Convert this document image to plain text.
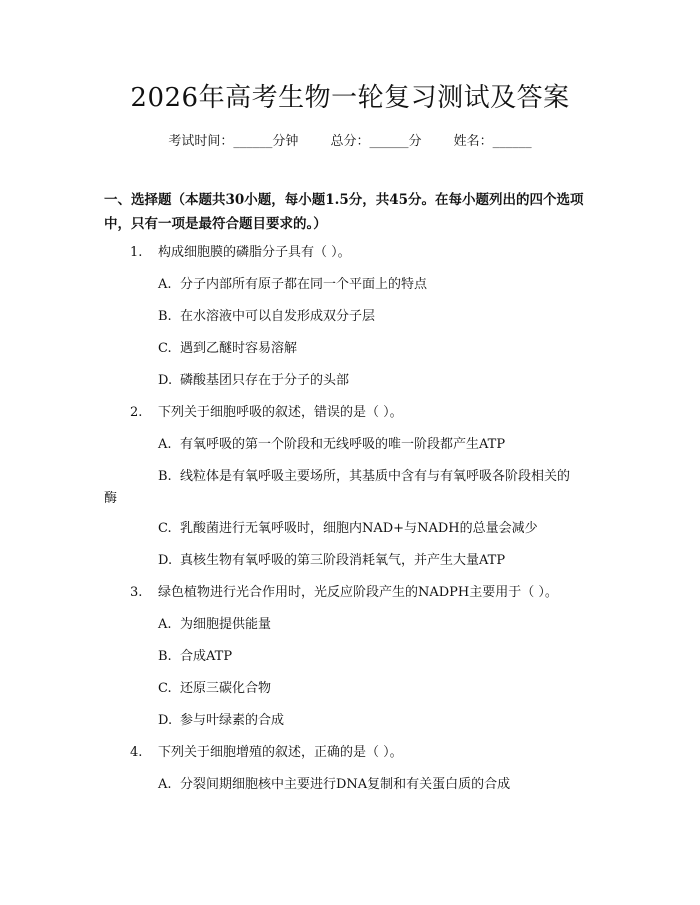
2026年高考生物一轮复习测试及答案
考试时间：______分钟 总分：______分 姓名：______
一、选择题（本题共30小题，每小题1.5分，共45分。在每小题列出的四个选项中，只有一项是最符合题目要求的。）
1. 构成细胞膜的磷脂分子具有（ ）。
A. 分子内部所有原子都在同一个平面上的特点
B. 在水溶液中可以自发形成双分子层
C. 遇到乙醚时容易溶解
D. 磷酸基团只存在于分子的头部
2. 下列关于细胞呼吸的叙述，错误的是（ ）。
A. 有氧呼吸的第一个阶段和无线呼吸的唯一阶段都产生ATP
B. 线粒体是有氧呼吸主要场所，其基质中含有与有氧呼吸各阶段相关的
酶
C. 乳酸菌进行无氧呼吸时，细胞内NAD+与NADH的总量会减少
D. 真核生物有氧呼吸的第三阶段消耗氧气，并产生大量ATP
3. 绿色植物进行光合作用时，光反应阶段产生的NADPH主要用于（ ）。
A. 为细胞提供能量
B. 合成ATP
C. 还原三碳化合物
D. 参与叶绿素的合成
4. 下列关于细胞增殖的叙述，正确的是（ ）。
A. 分裂间期细胞核中主要进行DNA复制和有关蛋白质的合成
